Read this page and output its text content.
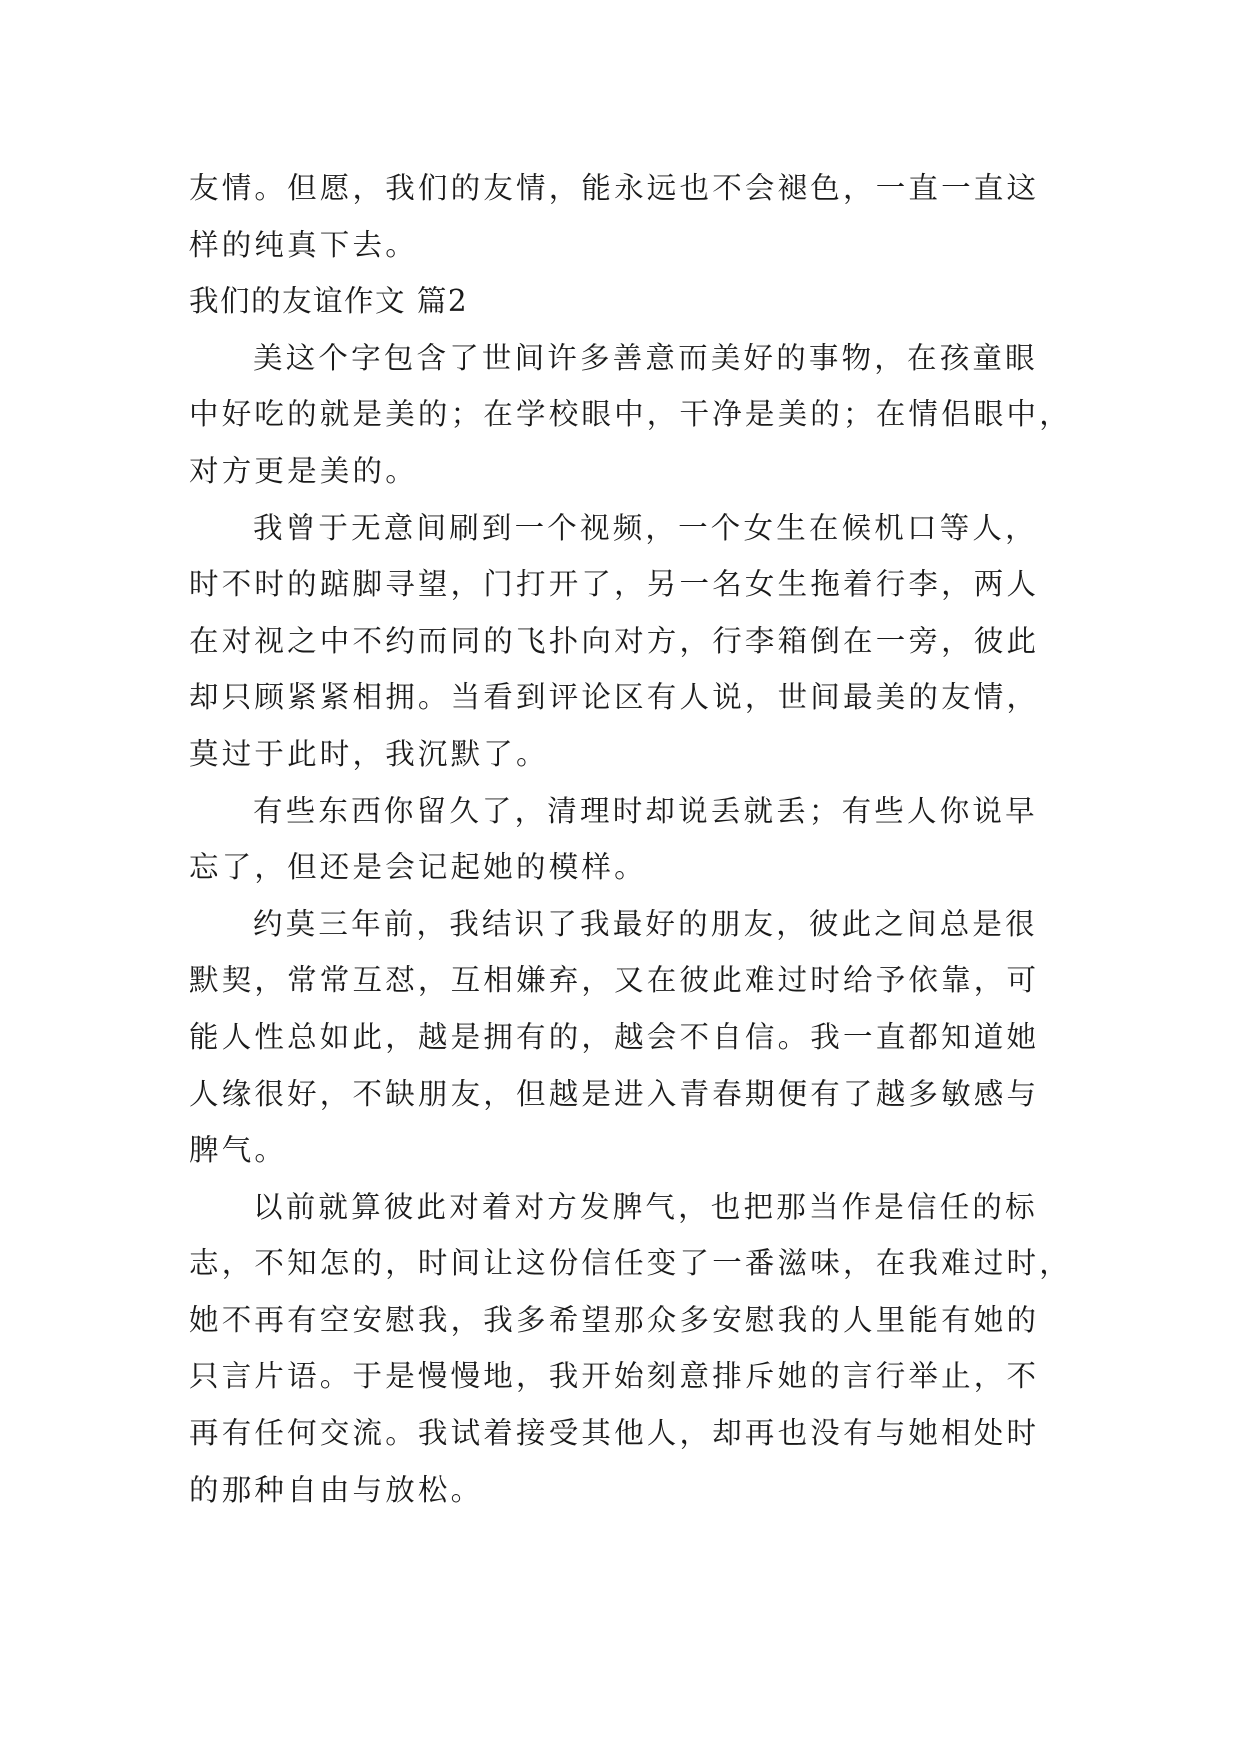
友情。但愿，我们的友情，能永远也不会褪色，一直一直这
样的纯真下去。
我们的友谊作文 篇2
美这个字包含了世间许多善意而美好的事物，在孩童眼
中好吃的就是美的；在学校眼中，干净是美的；在情侣眼中，
对方更是美的。
我曾于无意间刷到一个视频，一个女生在候机口等人，
时不时的踮脚寻望，门打开了，另一名女生拖着行李，两人
在对视之中不约而同的飞扑向对方，行李箱倒在一旁，彼此
却只顾紧紧相拥。当看到评论区有人说，世间最美的友情，
莫过于此时，我沉默了。
有些东西你留久了，清理时却说丢就丢；有些人你说早
忘了，但还是会记起她的模样。
约莫三年前，我结识了我最好的朋友，彼此之间总是很
默契，常常互怼，互相嫌弃，又在彼此难过时给予依靠，可
能人性总如此，越是拥有的，越会不自信。我一直都知道她
人缘很好，不缺朋友，但越是进入青春期便有了越多敏感与
脾气。
以前就算彼此对着对方发脾气，也把那当作是信任的标
志，不知怎的，时间让这份信任变了一番滋味，在我难过时，
她不再有空安慰我，我多希望那众多安慰我的人里能有她的
只言片语。于是慢慢地，我开始刻意排斥她的言行举止，不
再有任何交流。我试着接受其他人，却再也没有与她相处时
的那种自由与放松。
